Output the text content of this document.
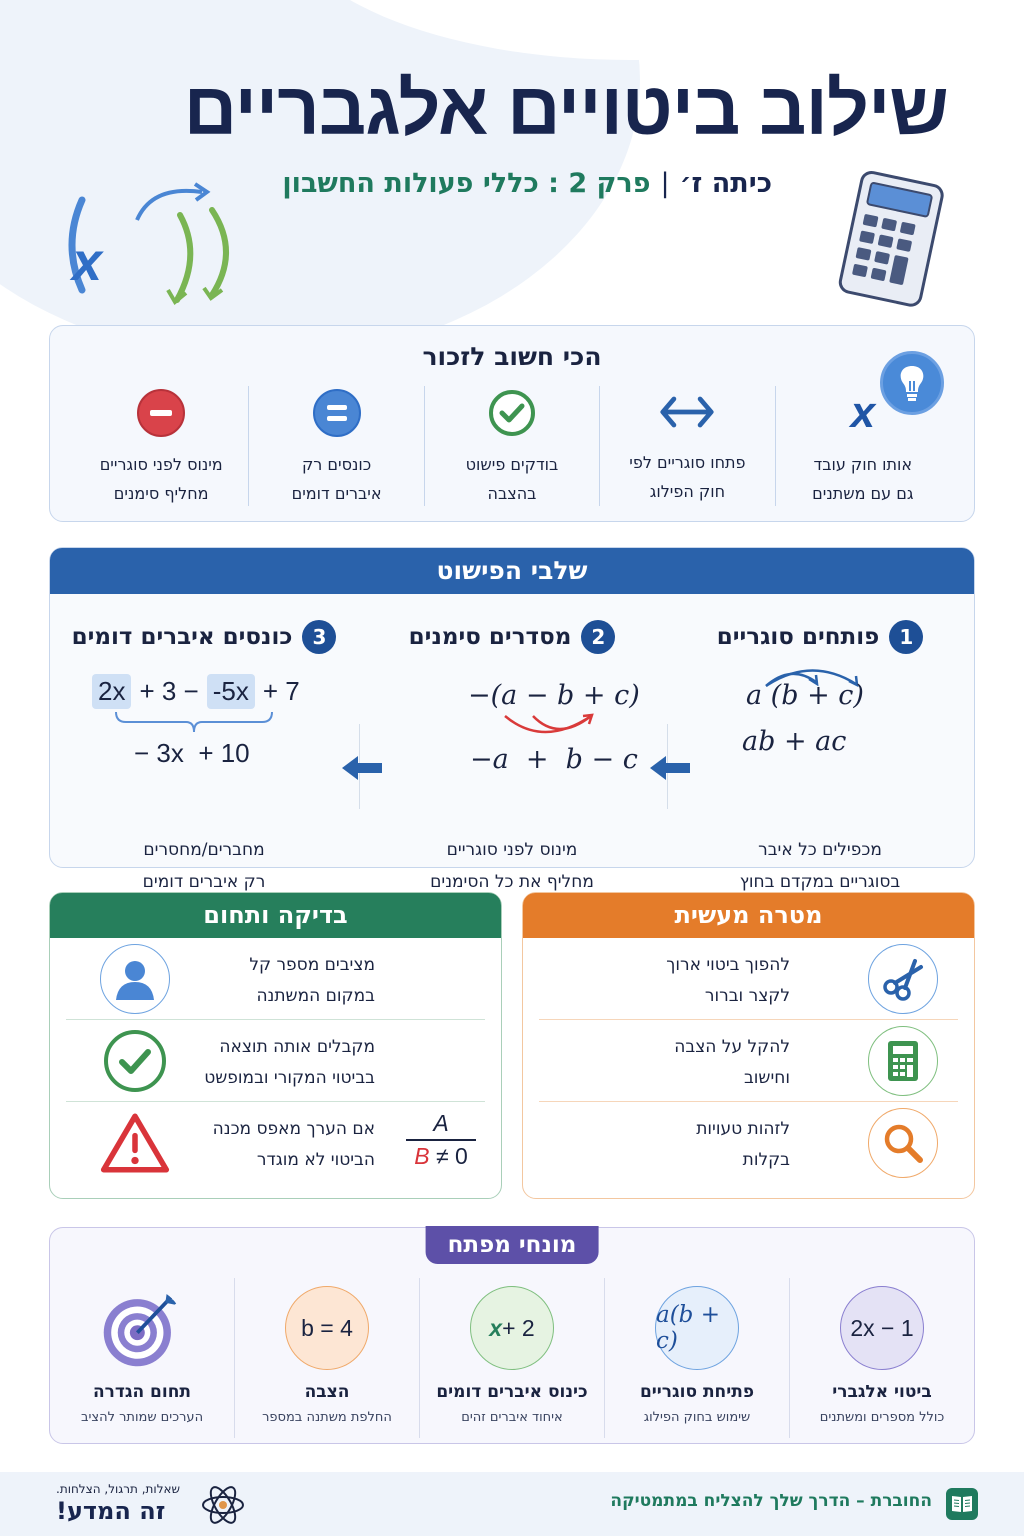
שילוב ביטויים אלגבריים
כיתה ז׳
|
פרק 2 : כללי פעולות החשבון
x
הכי חשוב לזכור
x
אותו חוק עובד
גם עם משתנים
פתחו סוגריים לפי
חוק הפילוג
בודקים פישוט
בהצבה
כונסים רק
איברים דומים
מינוס לפני סוגריים
מחליף סימנים
שלבי הפישוט
1
פותחים סוגריים
a (b + c)
ab + ac
מכפילים כל איבר
בסוגריים במקדם בחוץ
2
מסדרים סימנים
−(a − b + c)
−a  +  b − c
מינוס לפני סוגריים
מחליף את כל הסימנים
3
כונסים איברים דומים
2x + 3 − -5x + 7
− 3x  + 10
מחברים/מחסרים
רק איברים דומים
מטרה מעשית
להפוך ביטוי ארוך
לקצר וברור
להקל על הצבה
וחישוב
לזהות טעויות
בקלות
בדיקה ותחום
מציבים מספר קל
במקום המשתנה
מקבלים אותה תוצאה
בביטוי המקורי ובמופשט
אם הערך מאפס מכנה
הביטוי לא מוגדר
A
B ≠ 0
מונחי מפתח
2x − 1
ביטוי אלגברי
כולל מספרים ומשתנים
a(b + c)
פתיחת סוגריים
שימוש בחוק הפילוג
x + 2
כינוס איברים דומים
איחוד איברים זהים
b = 4
הצבה
החלפת משתנה במספר
תחום הגדרה
הערכים שמותר להציב
החוברת – הדרך שלך להצליח במתמטיקה
שאלות, תרגול, הצלחות.
זה המדע!
